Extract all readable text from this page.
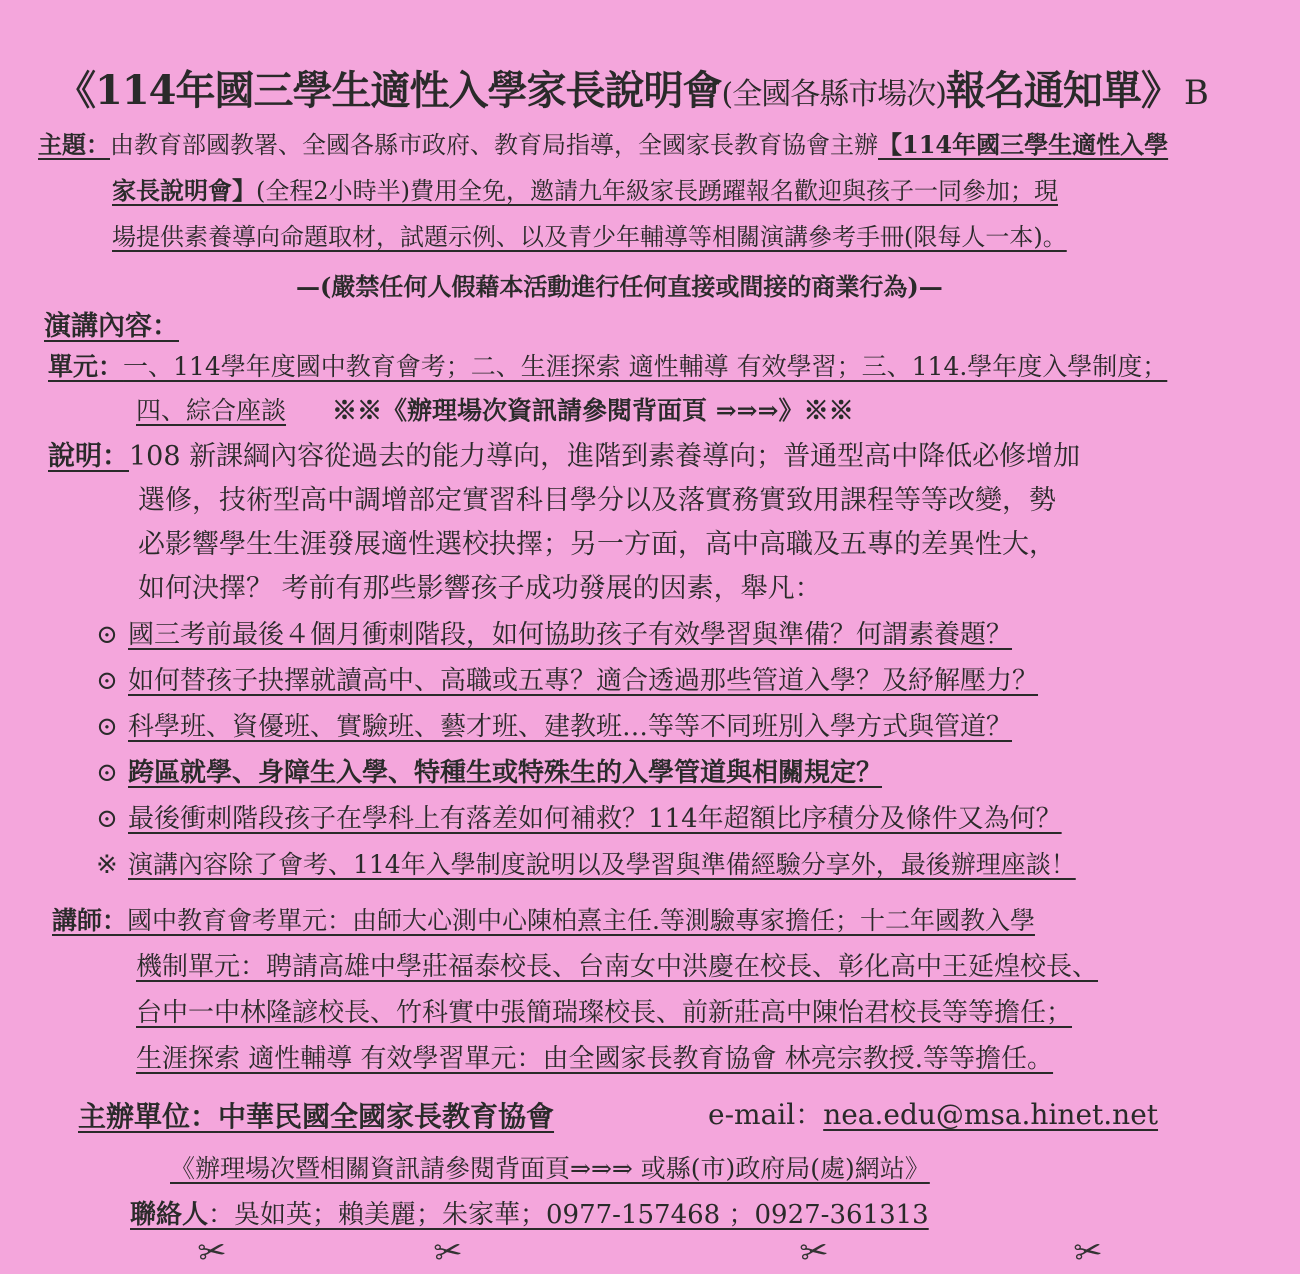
《114年國三學生適性入學家長說明會(全國各縣市場次)報名通知單》 B
主題：由教育部國教署、全國各縣市政府、教育局指導，全國家長教育協會主辦【114年國三學生適性入學
家長說明會】(全程2小時半)費用全免，邀請九年級家長踴躍報名歡迎與孩子一同參加；現
場提供素養導向命題取材，試題示例、以及青少年輔導等相關演講參考手冊(限每人一本)。
—(嚴禁任何人假藉本活動進行任何直接或間接的商業行為)—
演講內容：
單元：一、114學年度國中教育會考；二、生涯探索 適性輔導 有效學習；三、114.學年度入學制度；
四、綜合座談 ※※《辦理場次資訊請參閱背面頁 ⇒⇒⇒》※※
說明：108 新課綱內容從過去的能力導向，進階到素養導向；普通型高中降低必修增加
選修，技術型高中調增部定實習科目學分以及落實務實致用課程等等改變，勢
必影響學生生涯發展適性選校抉擇；另一方面，高中高職及五專的差異性大，
如何決擇？ 考前有那些影響孩子成功發展的因素，舉凡：
⊙ 國三考前最後４個月衝刺階段，如何協助孩子有效學習與準備？何謂素養題？
⊙ 如何替孩子抉擇就讀高中、高職或五專？適合透過那些管道入學？及紓解壓力？
⊙ 科學班、資優班、實驗班、藝才班、建教班…等等不同班別入學方式與管道？
⊙ 跨區就學、身障生入學、特種生或特殊生的入學管道與相關規定？
⊙ 最後衝刺階段孩子在學科上有落差如何補救？114年超額比序積分及條件又為何？
※ 演講內容除了會考、114年入學制度說明以及學習與準備經驗分享外，最後辦理座談！
講師：國中教育會考單元：由師大心測中心陳柏熹主任.等測驗專家擔任；十二年國教入學
機制單元：聘請高雄中學莊福泰校長、台南女中洪慶在校長、彰化高中王延煌校長、
台中一中林隆諺校長、竹科實中張簡瑞璨校長、前新莊高中陳怡君校長等等擔任；
生涯探索 適性輔導 有效學習單元：由全國家長教育協會 林亮宗教授.等等擔任。
主辦單位：中華民國全國家長教育協會	e-mail：nea.edu@msa.hinet.net
《辦理場次暨相關資訊請參閱背面頁⇒⇒⇒ 或縣(市)政府局(處)網站》
聯絡人：吳如英；賴美麗；朱家華；0977-157468 ；0927-361313
✂	✂	✂	✂
